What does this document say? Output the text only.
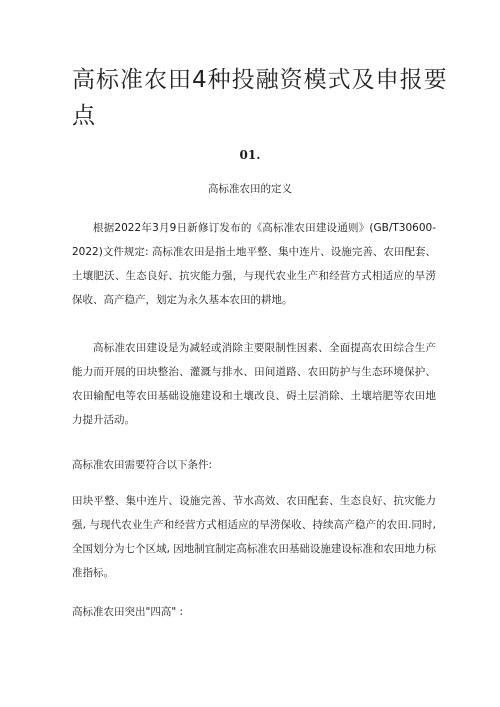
高标准农田4种投融资模式及申报要点
01.
高标准农田的定义

根据2022年3月9日新修订发布的《高标准农田建设通则》(GB/T30600-2022)文件规定: 高标准农田是指土地平整、集中连片、设施完善、农田配套、土壤肥沃、生态良好、抗灾能力强，与现代农业生产和经营方式相适应的旱涝保收、高产稳产，划定为永久基本农田的耕地。

高标准农田建设是为减轻或消除主要限制性因素、全面提高农田综合生产能力而开展的田块整治、灌溉与排水、田间道路、农田防护与生态环境保护、农田输配电等农田基础设施建设和土壤改良、碍土层消除、土壤培肥等农田地力提升活动。

高标准农田需要符合以下条件:

田块平整、集中连片、设施完善、节水高效、农田配套、生态良好、抗灾能力强, 与现代农业生产和经营方式相适应的旱涝保收、持续高产稳产的农田.同时, 全国划分为七个区域, 因地制宜制定高标准农田基础设施建设标准和农田地力标准指标。

高标准农田突出"四高" :
